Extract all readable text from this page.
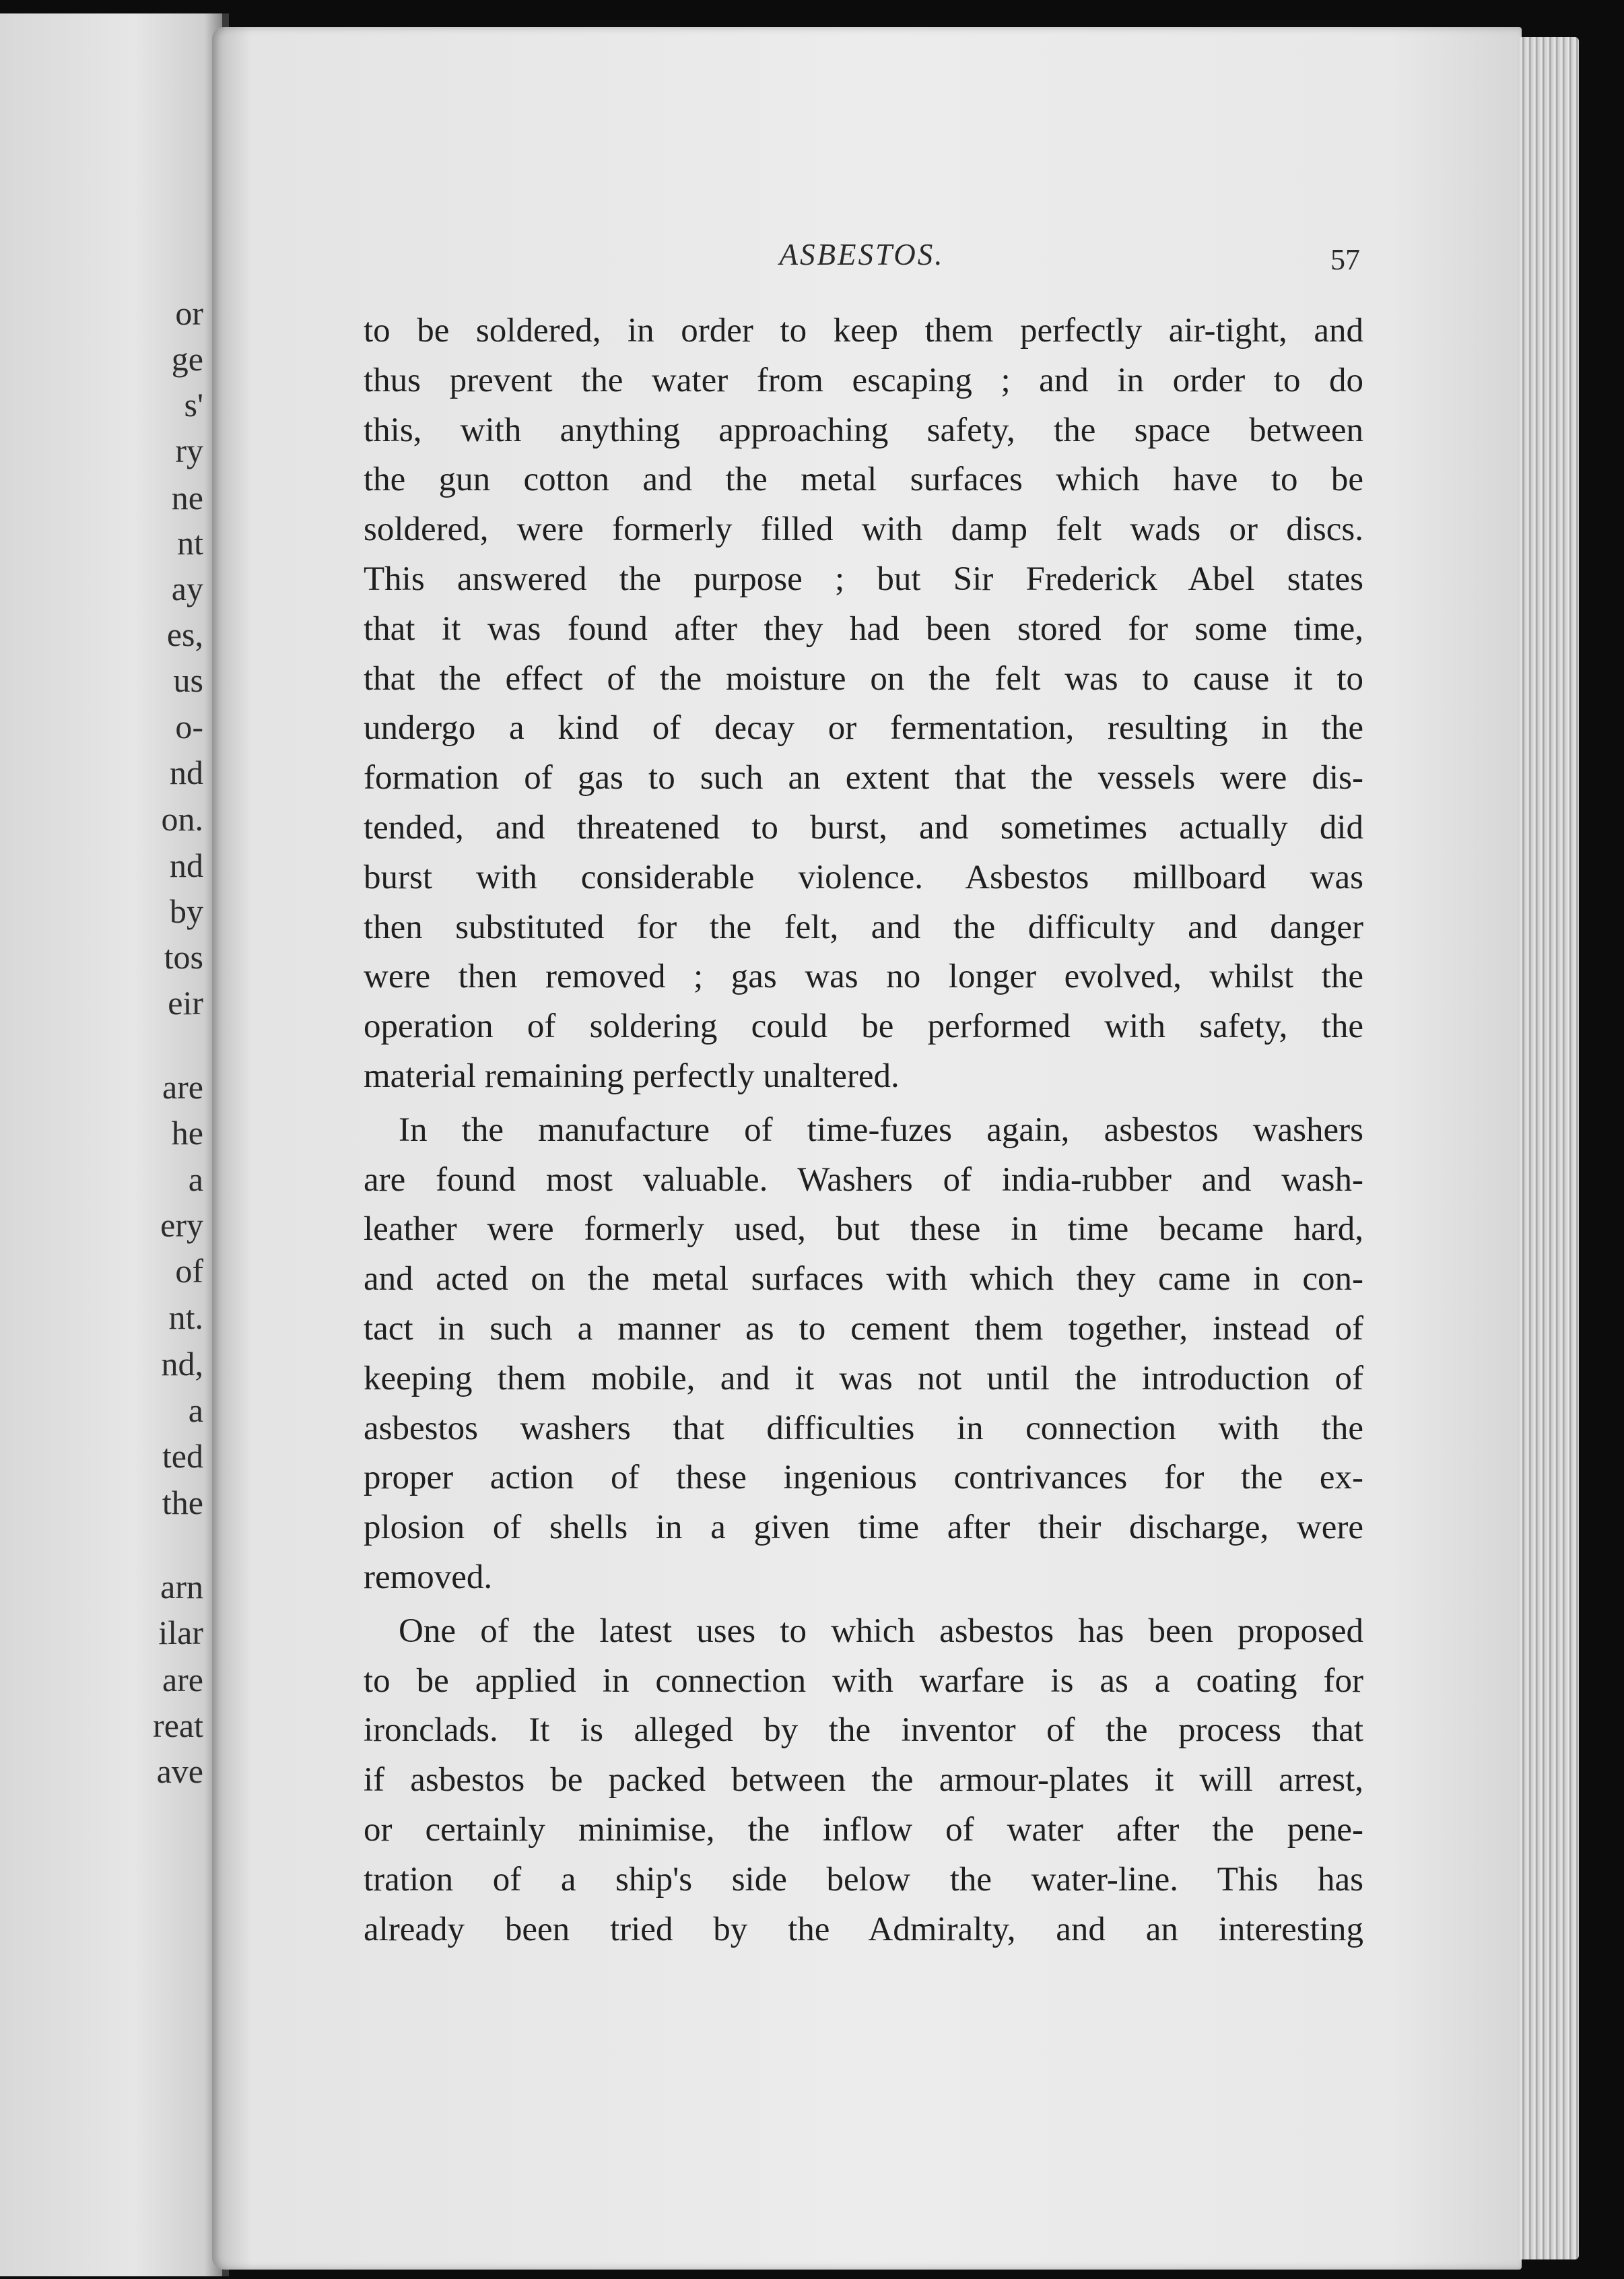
or
ge
s'
ry
ne
nt
ay
es,
us
o-
nd
on.
nd
by
tos
eir
are
he
a
ery
of
nt.
nd,
a
ted
the
arn
ilar
are
reat
ave
ASBESTOS.	57
to be soldered, in order to keep them perfectly air-tight, and
thus prevent the water from escaping ; and in order to do
this, with anything approaching safety, the space between
the gun cotton and the metal surfaces which have to be
soldered, were formerly filled with damp felt wads or discs.
This answered the purpose ; but Sir Frederick Abel states
that it was found after they had been stored for some time,
that the effect of the moisture on the felt was to cause it to
undergo a kind of decay or fermentation, resulting in the
formation of gas to such an extent that the vessels were dis-
tended, and threatened to burst, and sometimes actually did
burst with considerable violence. Asbestos millboard was
then substituted for the felt, and the difficulty and danger
were then removed ; gas was no longer evolved, whilst the
operation of soldering could be performed with safety, the
material remaining perfectly unaltered.
In the manufacture of time-fuzes again, asbestos washers
are found most valuable. Washers of india-rubber and wash-
leather were formerly used, but these in time became hard,
and acted on the metal surfaces with which they came in con-
tact in such a manner as to cement them together, instead of
keeping them mobile, and it was not until the introduction of
asbestos washers that difficulties in connection with the
proper action of these ingenious contrivances for the ex-
plosion of shells in a given time after their discharge, were
removed.
One of the latest uses to which asbestos has been proposed
to be applied in connection with warfare is as a coating for
ironclads. It is alleged by the inventor of the process that
if asbestos be packed between the armour-plates it will arrest,
or certainly minimise, the inflow of water after the pene-
tration of a ship's side below the water-line. This has
already been tried by the Admiralty, and an interesting
